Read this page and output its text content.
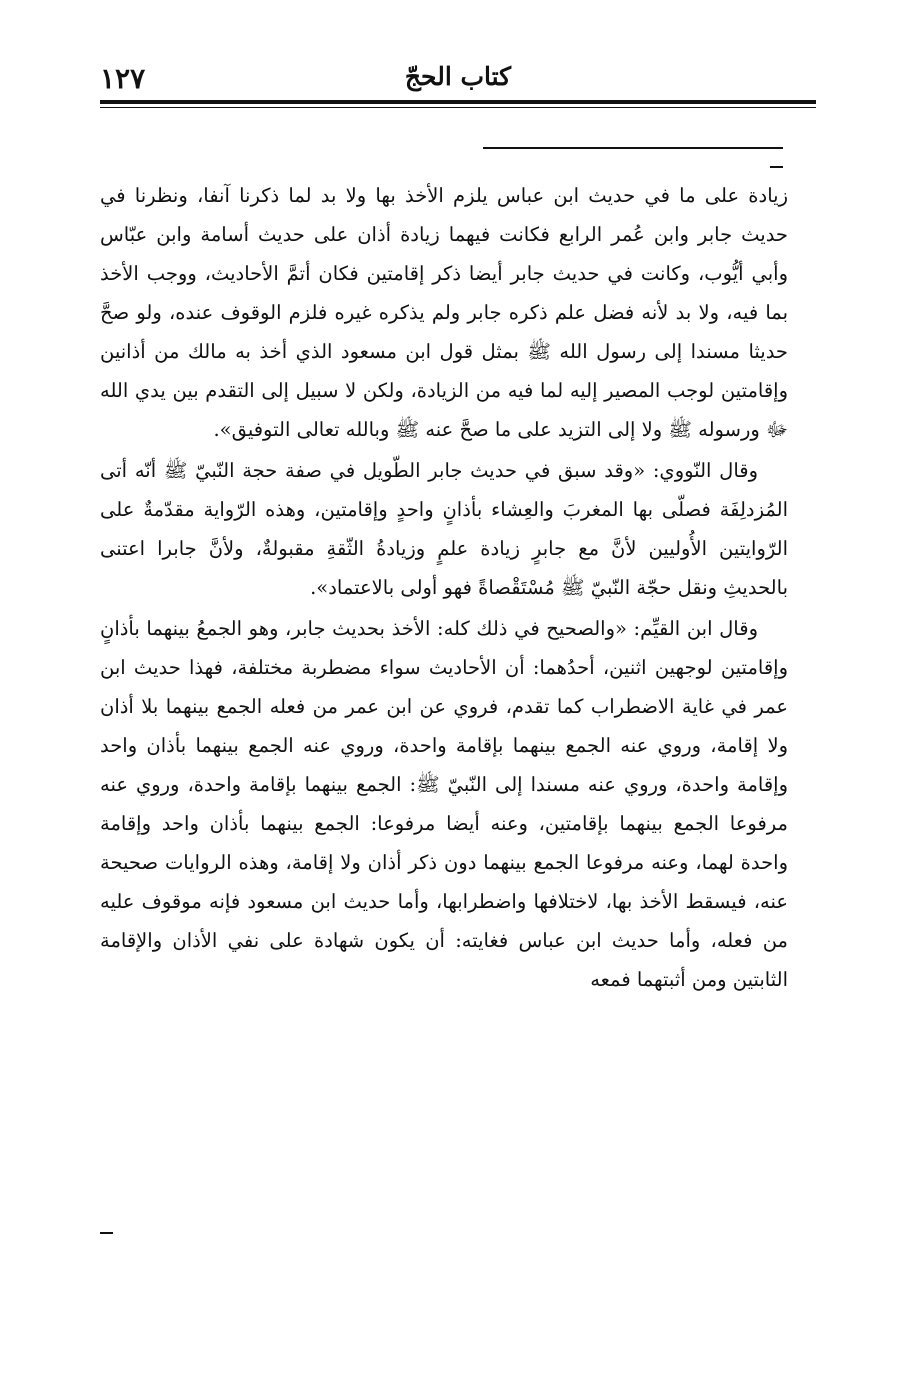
كتاب الحجّ
١٢٧

زيادة على ما في حديث ابن عباس يلزم الأخذ بها ولا بد لما ذكرنا آنفا، ونظرنا في حديث جابر وابن عُمر الرابع فكانت فيهما زيادة أذان على حديث أسامة وابن عبّاس وأبي أيُّوب، وكانت في حديث جابر أيضا ذكر إقامتين فكان أتمَّ الأحاديث، ووجب الأخذ بما فيه، ولا بد لأنه فضل علم ذكره جابر ولم يذكره غيره فلزم الوقوف عنده، ولو صحَّ حديثا مسندا إلى رسول الله ﷺ بمثل قول ابن مسعود الذي أخذ به مالك من أذانين وإقامتين لوجب المصير إليه لما فيه من الزيادة، ولكن لا سبيل إلى التقدم بين يدي الله ﷻ ورسوله ﷺ ولا إلى التزيد على ما صحَّ عنه ﷺ وبالله تعالى التوفيق».

وقال النّووي: «وقد سبق في حديث جابر الطّويل في صفة حجة النّبيّ ﷺ أنّه أتى المُزدلِفَة فصلّى بها المغربَ والعِشاء بأذانٍ واحدٍ وإقامتين، وهذه الرّواية مقدّمةٌ على الرّوايتين الأُوليين لأنَّ مع جابرٍ زيادة علمٍ وزيادةُ الثّقةِ مقبولةٌ، ولأنَّ جابرا اعتنى بالحديثِ ونقل حجّة النّبيّ ﷺ مُسْتَقْصاةً فهو أولى بالاعتماد».

وقال ابن القيِّم: «والصحيح في ذلك كله: الأخذ بحديث جابر، وهو الجمعُ بينهما بأذانٍ وإقامتين لوجهين اثنين، أحدُهما: أن الأحاديث سواء مضطربة مختلفة، فهذا حديث ابن عمر في غاية الاضطراب كما تقدم، فروي عن ابن عمر من فعله الجمع بينهما بلا أذان ولا إقامة، وروي عنه الجمع بينهما بإقامة واحدة، وروي عنه الجمع بينهما بأذان واحد وإقامة واحدة، وروي عنه مسندا إلى النّبيّ ﷺ: الجمع بينهما بإقامة واحدة، وروي عنه مرفوعا الجمع بينهما بإقامتين، وعنه أيضا مرفوعا: الجمع بينهما بأذان واحد وإقامة واحدة لهما، وعنه مرفوعا الجمع بينهما دون ذكر أذان ولا إقامة، وهذه الروايات صحيحة عنه، فيسقط الأخذ بها، لاختلافها واضطرابها، وأما حديث ابن مسعود فإنه موقوف عليه من فعله، وأما حديث ابن عباس فغايته: أن يكون شهادة على نفي الأذان والإقامة الثابتين ومن أثبتهما فمعه
